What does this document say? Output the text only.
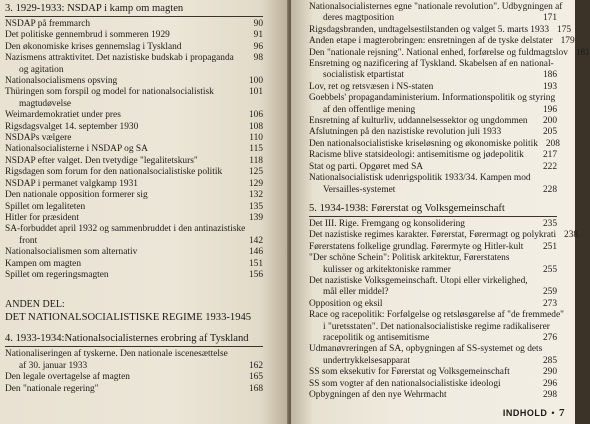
3. 1929-1933: NSDAP i kamp om magten
NSDAP på fremmarch	90
Det politiske gennembrud i sommeren 1929	91
Den økonomiske krises gennemslag i Tyskland	96
Nazismens attraktivitet. Det nazistiske budskab i propaganda	98
og agitation
Nationalsocialismens opsving	100
Thüringen som forspil og model for nationalsocialistisk	101
magtudøvelse
Weimardemokratiet under pres	106
Rigsdagsvalget 14. september 1930	108
NSDAPs vælgere	110
Nationalsocialisterne i NSDAP og SA	115
NSDAP efter valget. Den tvetydige "legalitetskurs"	118
Rigsdagen som forum for den nationalsocialistiske politik	125
NSDAP i permanet valgkamp 1931	129
Den nationale opposition formerer sig	132
Spillet om legaliteten	135
Hitler for præsident	139
SA-forbuddet april 1932 og sammenbruddet i den antinazistiske
front	142
Nationalsocialismen som alternativ	146
Kampen om magten	151
Spillet om regeringsmagten	156
ANDEN DEL:
DET NATIONALSOCIALISTISKE REGIME 1933-1945
4. 1933-1934:Nationalsocialisternes erobring af Tyskland
Nationaliseringen af tyskerne. Den nationale iscenesættelse
af 30. januar 1933	162
Den legale overtagelse af magten	165
Den "nationale regering"	168
Nationalsocialisternes egne "nationale revolution". Udbygningen af
deres magtposition	171
Rigsdagsbranden, undtagelsestilstanden og valget 5. marts 1933 175
Anden etape i magterobringen: ensretningen af de tyske delstater 179
Den "nationale rejsning". National enhed, forførelse og fuldmagtslov 181
Ensretning og nazificering af Tyskland. Skabelsen af en national-
socialistisk etpartistat	186
Lov, ret og retsvæsen i NS-staten	193
Goebbels' propagandaministerium. Informationspolitik og styring
af den offentlige mening	196
Ensretning af kulturliv, uddannelsessektor og ungdommen	200
Afslutningen på den nazistiske revolution juli 1933	205
Den nationalsocialistiske kriseløsning og økonomiske politik 208
Racisme blive statsideologi: antisemitisme og jødepolitik	217
Stat og parti. Opgøret med SA	222
Nationalsocialistisk udenrigspolitik 1933/34. Kampen mod
Versailles-systemet	228
5. 1934-1938: Førerstat og Volksgemeinschaft
Det III. Rige. Fremgang og konsolidering	235
Det nazistiske regimes karakter. Førerstat, Førermagt og polykrati 238
Førerstatens folkelige grundlag. Førermyte og Hitler-kult	251
"Der schöne Schein": Politisk arkitektur, Førerstatens
kulisser og arkitektoniske rammer	255
Det nazistiske Volksgemeinschaft. Utopi eller virkelighed,
mål eller middel?	259
Opposition og eksil	273
Race og racepolitik: Forfølgelse og retsløsgørelse af "de fremmede"
i "uretsstaten". Det nationalsocialistiske regime radikaliserer
racepolitik og antisemitisme	276
Udmanøvreringen af SA, opbygningen af SS-systemet og dets
undertrykkelsesapparat	285
SS som eksekutiv for Førerstat og Volksgemeinschaft	290
SS som vogter af den nationalsocialistiske ideologi	296
Opbygningen af den nye Wehrmacht	298
INDHOLD • 7
